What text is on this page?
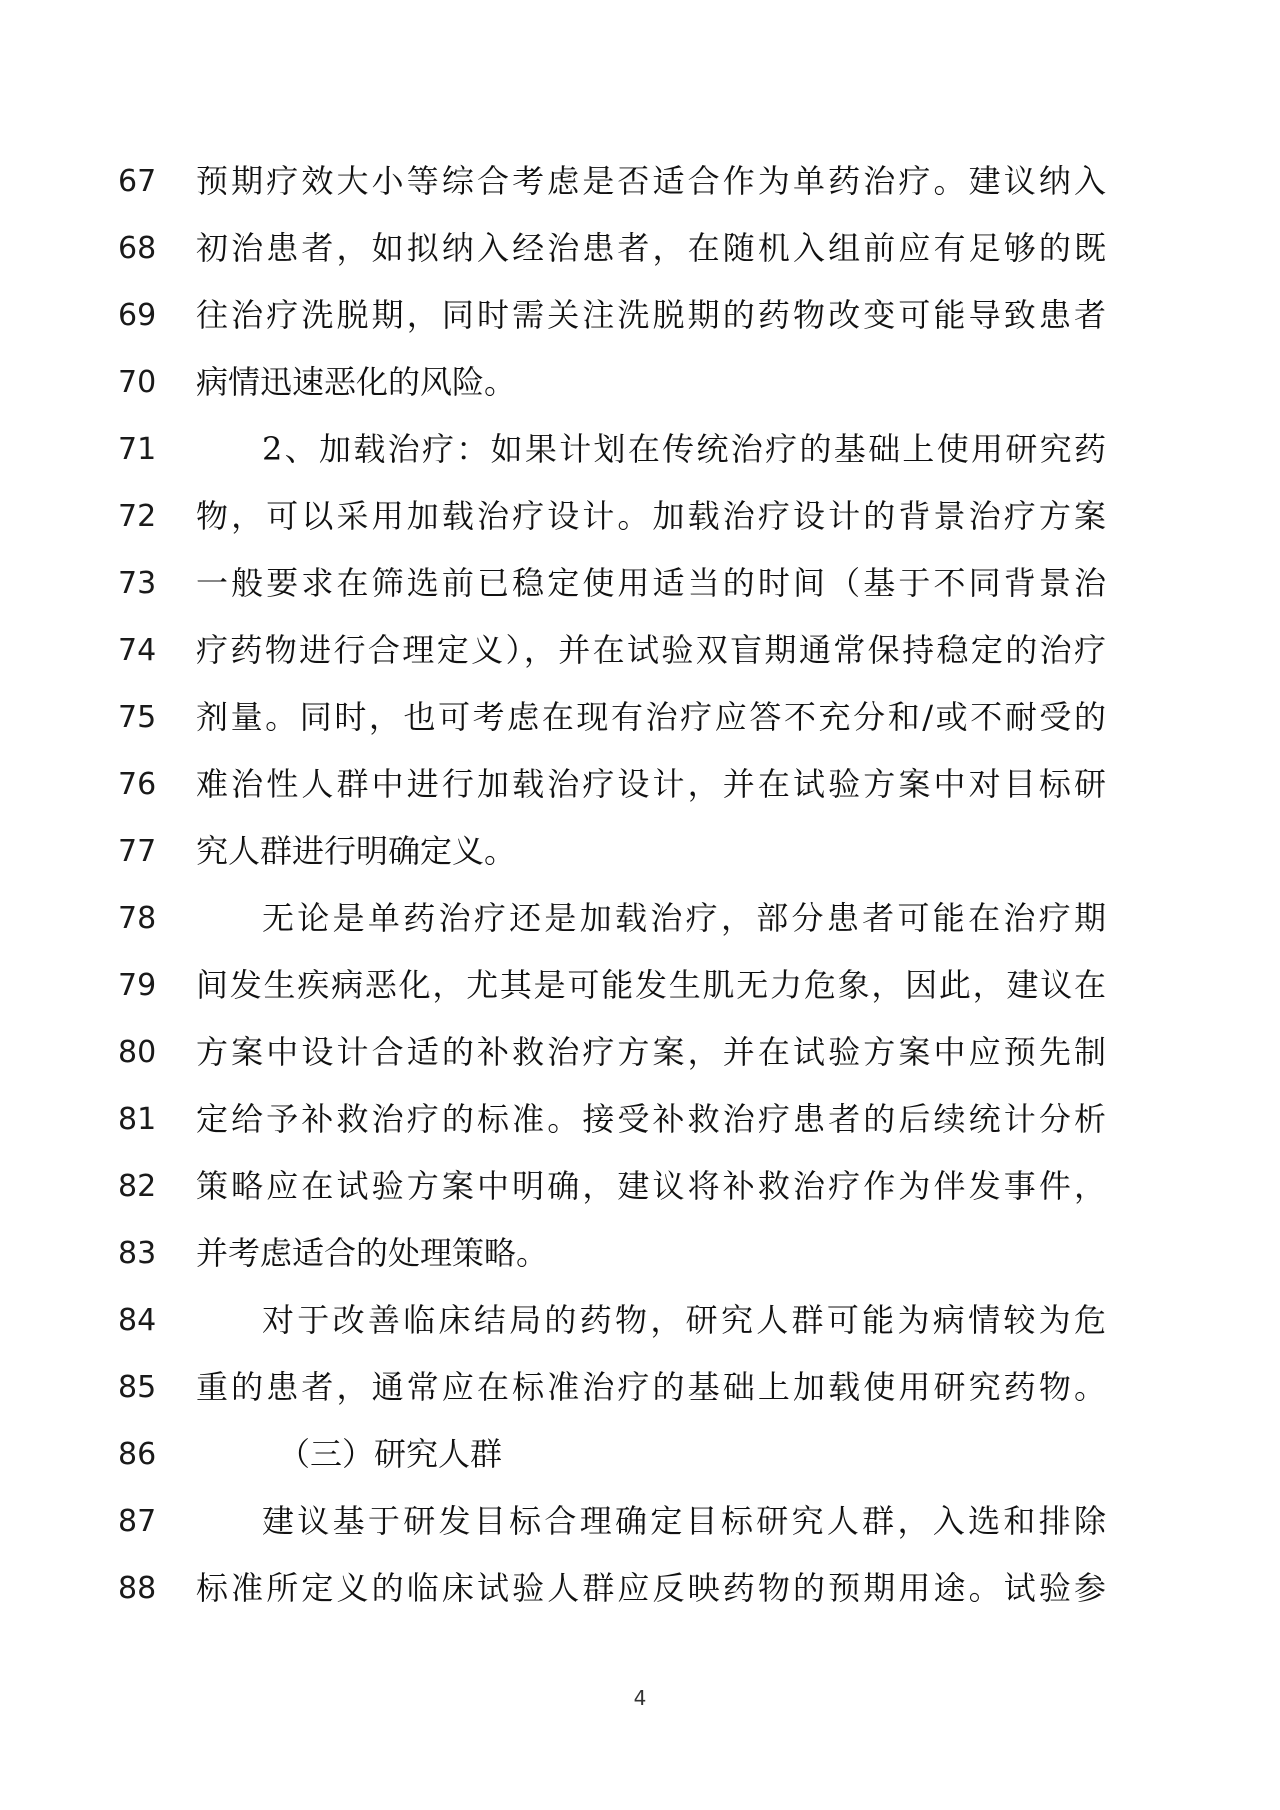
67	预期疗效大小等综合考虑是否适合作为单药治疗。建议纳入
68	初治患者，如拟纳入经治患者，在随机入组前应有足够的既
69	往治疗洗脱期，同时需关注洗脱期的药物改变可能导致患者
70	病情迅速恶化的风险。
71	2、加载治疗：如果计划在传统治疗的基础上使用研究药
72	物，可以采用加载治疗设计。加载治疗设计的背景治疗方案
73	一般要求在筛选前已稳定使用适当的时间（基于不同背景治
74	疗药物进行合理定义），并在试验双盲期通常保持稳定的治疗
75	剂量。同时，也可考虑在现有治疗应答不充分和/或不耐受的
76	难治性人群中进行加载治疗设计，并在试验方案中对目标研
77	究人群进行明确定义。
78	无论是单药治疗还是加载治疗，部分患者可能在治疗期
79	间发生疾病恶化，尤其是可能发生肌无力危象，因此，建议在
80	方案中设计合适的补救治疗方案，并在试验方案中应预先制
81	定给予补救治疗的标准。接受补救治疗患者的后续统计分析
82	策略应在试验方案中明确，建议将补救治疗作为伴发事件，
83	并考虑适合的处理策略。
84	对于改善临床结局的药物，研究人群可能为病情较为危
85	重的患者，通常应在标准治疗的基础上加载使用研究药物。
86	（三）研究人群
87	建议基于研发目标合理确定目标研究人群，入选和排除
88	标准所定义的临床试验人群应反映药物的预期用途。试验参
4
